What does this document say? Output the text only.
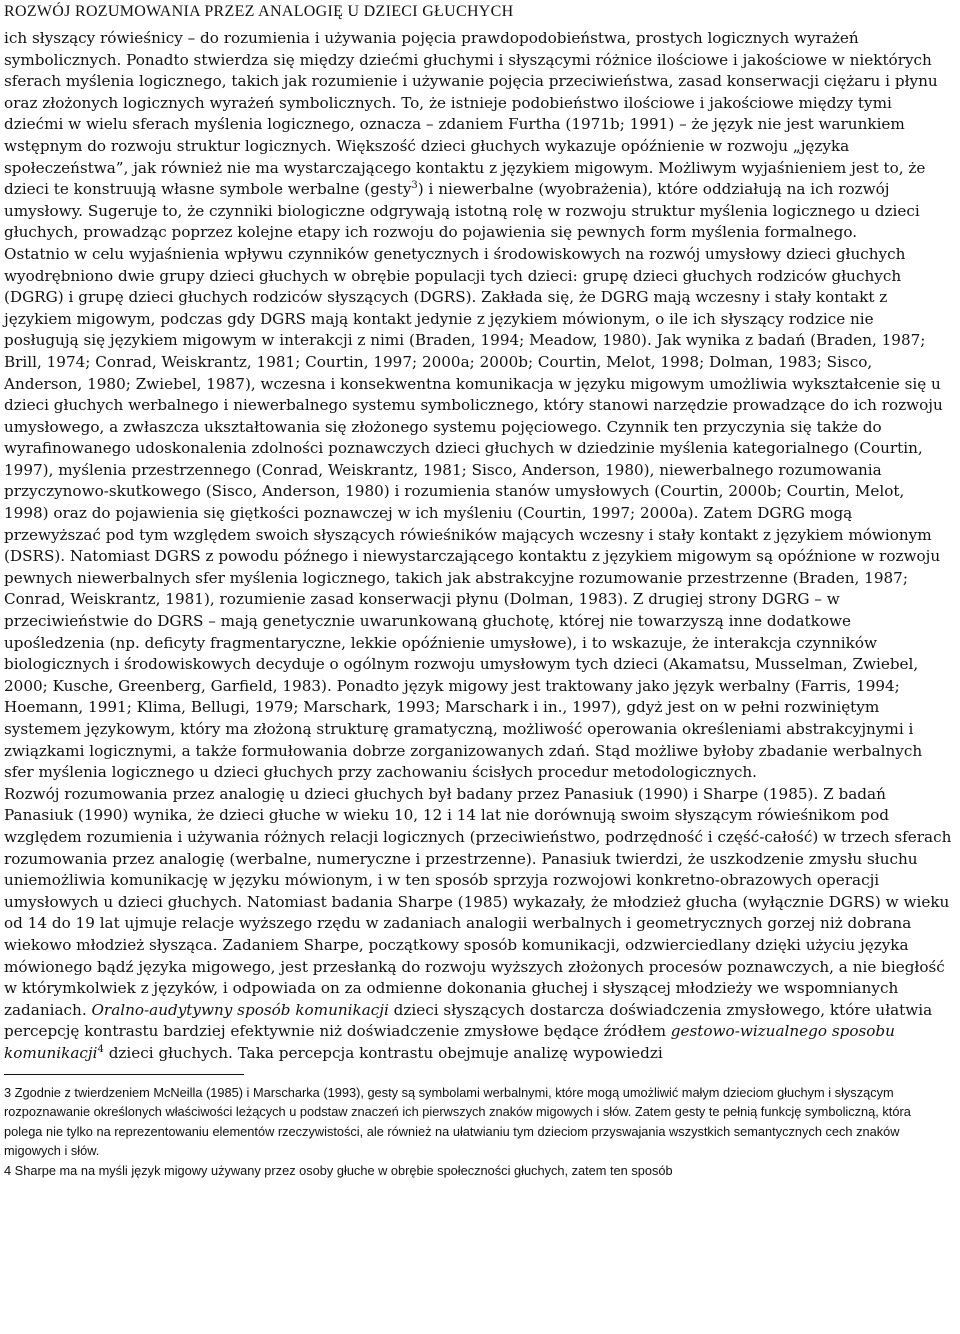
ROZWÓJ ROZUMOWANIA PRZEZ ANALOGIĘ U DZIECI GŁUCHYCH

ich słyszący rówieśnicy – do rozumienia i używania pojęcia prawdopodobieństwa, prostych logicznych wyrażeń symbolicznych. Ponadto stwierdza się między dziećmi głuchymi i słyszącymi różnice ilościowe i jakościowe w niektórych sferach myślenia logicznego, takich jak rozumienie i używanie pojęcia przeciwieństwa, zasad konserwacji ciężaru i płynu oraz złożonych logicznych wyrażeń symbolicznych. To, że istnieje podobieństwo ilościowe i jakościowe między tymi dziećmi w wielu sferach myślenia logicznego, oznacza – zdaniem Furtha (1971b; 1991) – że język nie jest warunkiem wstępnym do rozwoju struktur logicznych. Większość dzieci głuchych wykazuje opóźnienie w rozwoju „języka społeczeństwa”, jak również nie ma wystarczającego kontaktu z językiem migowym. Możliwym wyjaśnieniem jest to, że dzieci te konstruują własne symbole werbalne (gesty$^3$) i niewerbalne (wyobrażenia), które oddziałują na ich rozwój umysłowy. Sugeruje to, że czynniki biologiczne odgrywają istotną rolę w rozwoju struktur myślenia logicznego u dzieci głuchych, prowadząc poprzez kolejne etapy ich rozwoju do pojawienia się pewnych form myślenia formalnego.

Ostatnio w celu wyjaśnienia wpływu czynników genetycznych i środowiskowych na rozwój umysłowy dzieci głuchych wyodrębniono dwie grupy dzieci głuchych w obrębie populacji tych dzieci: grupę dzieci głuchych rodziców głuchych (DGRG) i grupę dzieci głuchych rodziców słyszących (DGRS). Zakłada się, że DGRG mają wczesny i stały kontakt z językiem migowym, podczas gdy DGRS mają kontakt jedynie z językiem mówionym, o ile ich słyszący rodzice nie posługują się językiem migowym w interakcji z nimi (Braden, 1994; Meadow, 1980). Jak wynika z badań (Braden, 1987; Brill, 1974; Conrad, Weiskrantz, 1981; Courtin, 1997; 2000a; 2000b; Courtin, Melot, 1998; Dolman, 1983; Sisco, Anderson, 1980; Zwiebel, 1987), wczesna i konsekwentna komunikacja w języku migowym umożliwia wykształcenie się u dzieci głuchych werbalnego i niewerbalnego systemu symbolicznego, który stanowi narzędzie prowadzące do ich rozwoju umysłowego, a zwłaszcza ukształtowania się złożonego systemu pojęciowego. Czynnik ten przyczynia się także do wyrafinowanego udoskonalenia zdolności poznawczych dzieci głuchych w dziedzinie myślenia kategorialnego (Courtin, 1997), myślenia przestrzennego (Conrad, Weiskrantz, 1981; Sisco, Anderson, 1980), niewerbalnego rozumowania przyczynowo-skutkowego (Sisco, Anderson, 1980) i rozumienia stanów umysłowych (Courtin, 2000b; Courtin, Melot, 1998) oraz do pojawienia się giętkości poznawczej w ich myśleniu (Courtin, 1997; 2000a). Zatem DGRG mogą przewyższać pod tym względem swoich słyszących rówieśników mających wczesny i stały kontakt z językiem mówionym (DSRS). Natomiast DGRS z powodu późnego i niewystarczającego kontaktu z językiem migowym są opóźnione w rozwoju pewnych niewerbalnych sfer myślenia logicznego, takich jak abstrakcyjne rozumowanie przestrzenne (Braden, 1987; Conrad, Weiskrantz, 1981), rozumienie zasad konserwacji płynu (Dolman, 1983). Z drugiej strony DGRG – w przeciwieństwie do DGRS – mają genetycznie uwarunkowaną głuchotę, której nie towarzyszą inne dodatkowe upośledzenia (np. deficyty fragmentaryczne, lekkie opóźnienie umysłowe), i to wskazuje, że interakcja czynników biologicznych i środowiskowych decyduje o ogólnym rozwoju umysłowym tych dzieci (Akamatsu, Musselman, Zwiebel, 2000; Kusche, Greenberg, Garfield, 1983). Ponadto język migowy jest traktowany jako język werbalny (Farris, 1994; Hoemann, 1991; Klima, Bellugi, 1979; Marschark, 1993; Marschark i in., 1997), gdyż jest on w pełni rozwiniętym systemem językowym, który ma złożoną strukturę gramatyczną, możliwość operowania określeniami abstrakcyjnymi i związkami logicznymi, a także formułowania dobrze zorganizowanych zdań. Stąd możliwe byłoby zbadanie werbalnych sfer myślenia logicznego u dzieci głuchych przy zachowaniu ścisłych procedur metodologicznych.

Rozwój rozumowania przez analogię u dzieci głuchych był badany przez Panasiuk (1990) i Sharpe (1985). Z badań Panasiuk (1990) wynika, że dzieci głuche w wieku 10, 12 i 14 lat nie dorównują swoim słyszącym rówieśnikom pod względem rozumienia i używania różnych relacji logicznych (przeciwieństwo, podrzędność i część-całość) w trzech sferach rozumowania przez analogię (werbalne, numeryczne i przestrzenne). Panasiuk twierdzi, że uszkodzenie zmysłu słuchu uniemożliwia komunikację w języku mówionym, i w ten sposób sprzyja rozwojowi konkretno-obrazowych operacji umysłowych u dzieci głuchych. Natomiast badania Sharpe (1985) wykazały, że młodzież głucha (wyłącznie DGRS) w wieku od 14 do 19 lat ujmuje relacje wyższego rzędu w zadaniach analogii werbalnych i geometrycznych gorzej niż dobrana wiekowo młodzież słysząca. Zadaniem Sharpe, początkowy sposób komunikacji, odzwierciedlany dzięki użyciu języka mówionego bądź języka migowego, jest przesłanką do rozwoju wyższych złożonych procesów poznawczych, a nie biegłość w którymkolwiek z języków, i odpowiada on za odmienne dokonania głuchej i słyszącej młodzieży we wspomnianych zadaniach. Oralno-audytywny sposób komunikacji dzieci słyszących dostarcza doświadczenia zmysłowego, które ułatwia percepcję kontrastu bardziej efektywnie niż doświadczenie zmysłowe będące źródłem gestowo-wizualnego sposobu komunikacji$^4$ dzieci głuchych. Taka percepcja kontrastu obejmuje analizę wypowiedzi

3 Zgodnie z twierdzeniem McNeilla (1985) i Marscharka (1993), gesty są symbolami werbalnymi, które mogą umożliwić małym dzieciom głuchym i słyszącym rozpoznawanie określonych właściwości leżących u podstaw znaczeń ich pierwszych znaków migowych i słów. Zatem gesty te pełnią funkcję symboliczną, która polega nie tylko na reprezentowaniu elementów rzeczywistości, ale również na ułatwianiu tym dzieciom przyswajania wszystkich semantycznych cech znaków migowych i słów.

4 Sharpe ma na myśli język migowy używany przez osoby głuche w obrębie społeczności głuchych, zatem ten sposób
